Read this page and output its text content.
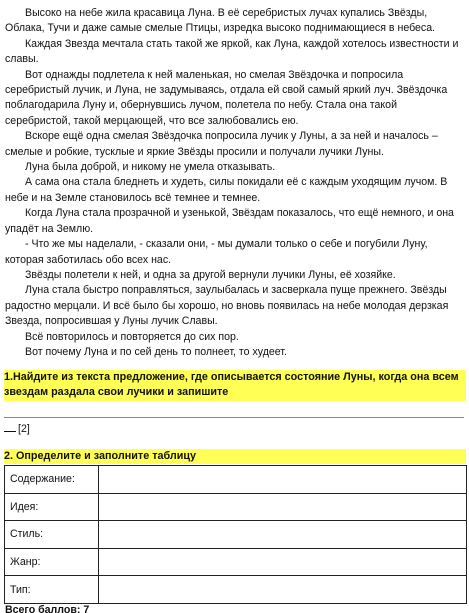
Высоко на небе жила красавица Луна. В её серебристых лучах купались Звёзды, Облака, Тучи и даже самые смелые Птицы, изредка высоко поднимающиеся в небеса.

Каждая Звезда мечтала стать такой же яркой, как Луна, каждой хотелось известности и славы.

Вот однажды подлетела к ней маленькая, но смелая Звёздочка и попросила серебристый лучик, и Луна, не задумываясь, отдала ей свой самый яркий луч. Звёздочка поблагодарила Луну и, обернувшись лучом, полетела по небу. Стала она такой серебристой, такой мерцающей, что все залюбовались ею.

Вскоре ещё одна смелая Звёздочка попросила лучик у Луны, а за ней и началось – смелые и робкие, тусклые и яркие Звёзды просили и получали лучики Луны.

Луна была доброй, и никому не умела отказывать.

А сама она стала бледнеть и худеть, силы покидали её с каждым уходящим лучом. В небе и на Земле становилось всё темнее и темнее.

Когда Луна стала прозрачной и узенькой, Звёздам показалось, что ещё немного, и она упадёт на Землю.

- Что же мы наделали, - сказали они, - мы думали только о себе и погубили Луну, которая заботилась обо всех нас.

Звёзды полетели к ней, и одна за другой вернули лучики Луны, её хозяйке.

Луна стала быстро поправляться, заулыбалась и засверкала пуще прежнего. Звёзды радостно мерцали. И всё было бы хорошо, но вновь появилась на небе молодая дерзкая Звезда, попросившая у Луны лучик Славы.

Всё повторилось и повторяется до сих пор.

Вот почему Луна и по сей день то полнеет, то худеет.

1.Найдите из текста предложение, где описывается состояние Луны, когда она всем звездам раздала свои лучики и запишите
[2]
2. Определите и заполните таблицу
Содержание:	
Идея:	
Стиль:	
Жанр:	
Тип:	
Всего баллов: 7
